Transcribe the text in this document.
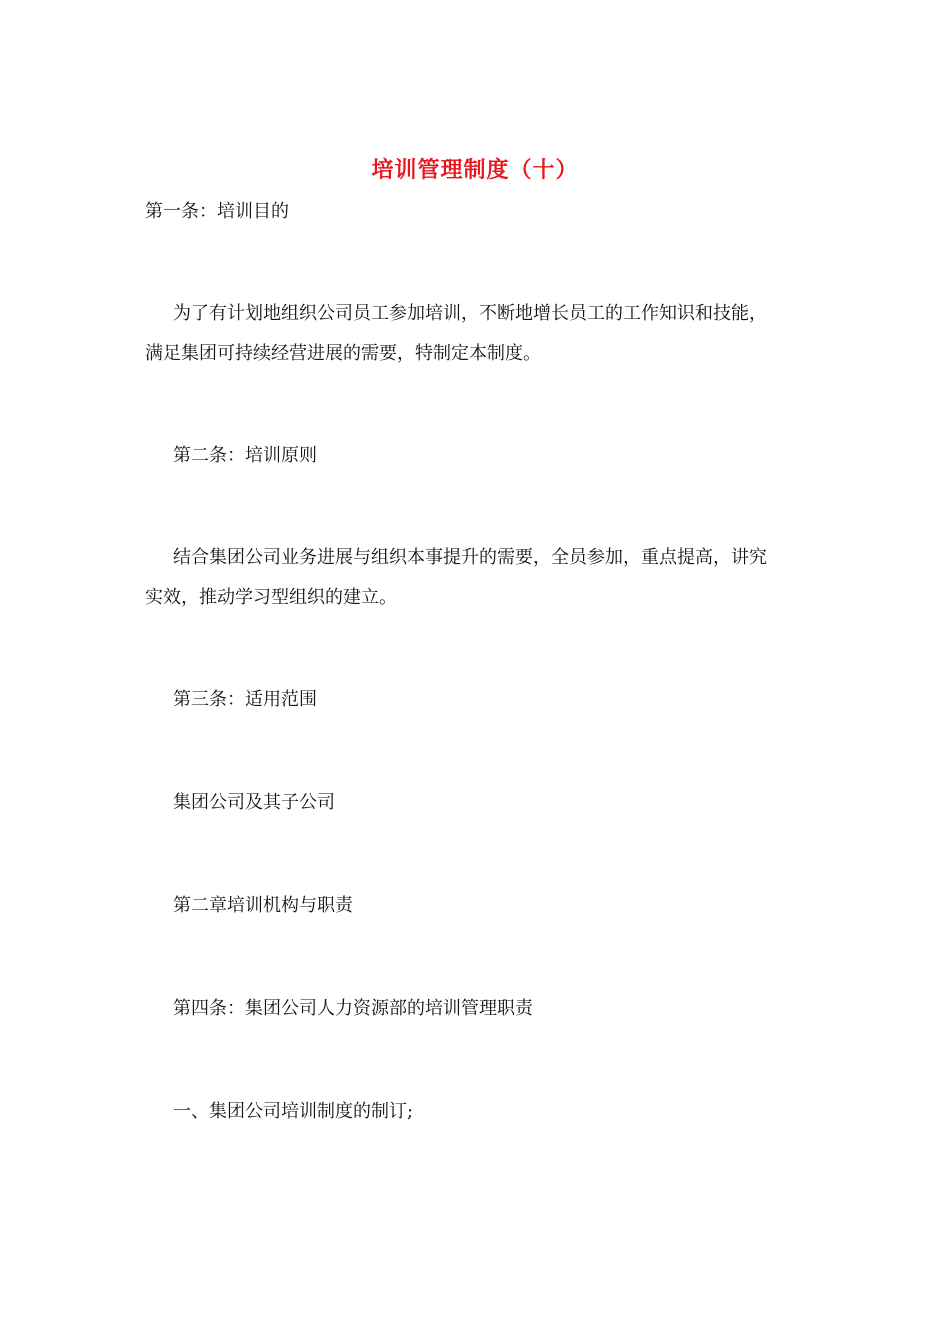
培训管理制度（十）
第一条：培训目的
为了有计划地组织公司员工参加培训，不断地增长员工的工作知识和技能，
满足集团可持续经营进展的需要，特制定本制度。
第二条：培训原则
结合集团公司业务进展与组织本事提升的需要，全员参加，重点提高，讲究
实效，推动学习型组织的建立。
第三条：适用范围
集团公司及其子公司
第二章培训机构与职责
第四条：集团公司人力资源部的培训管理职责
一、集团公司培训制度的制订;
